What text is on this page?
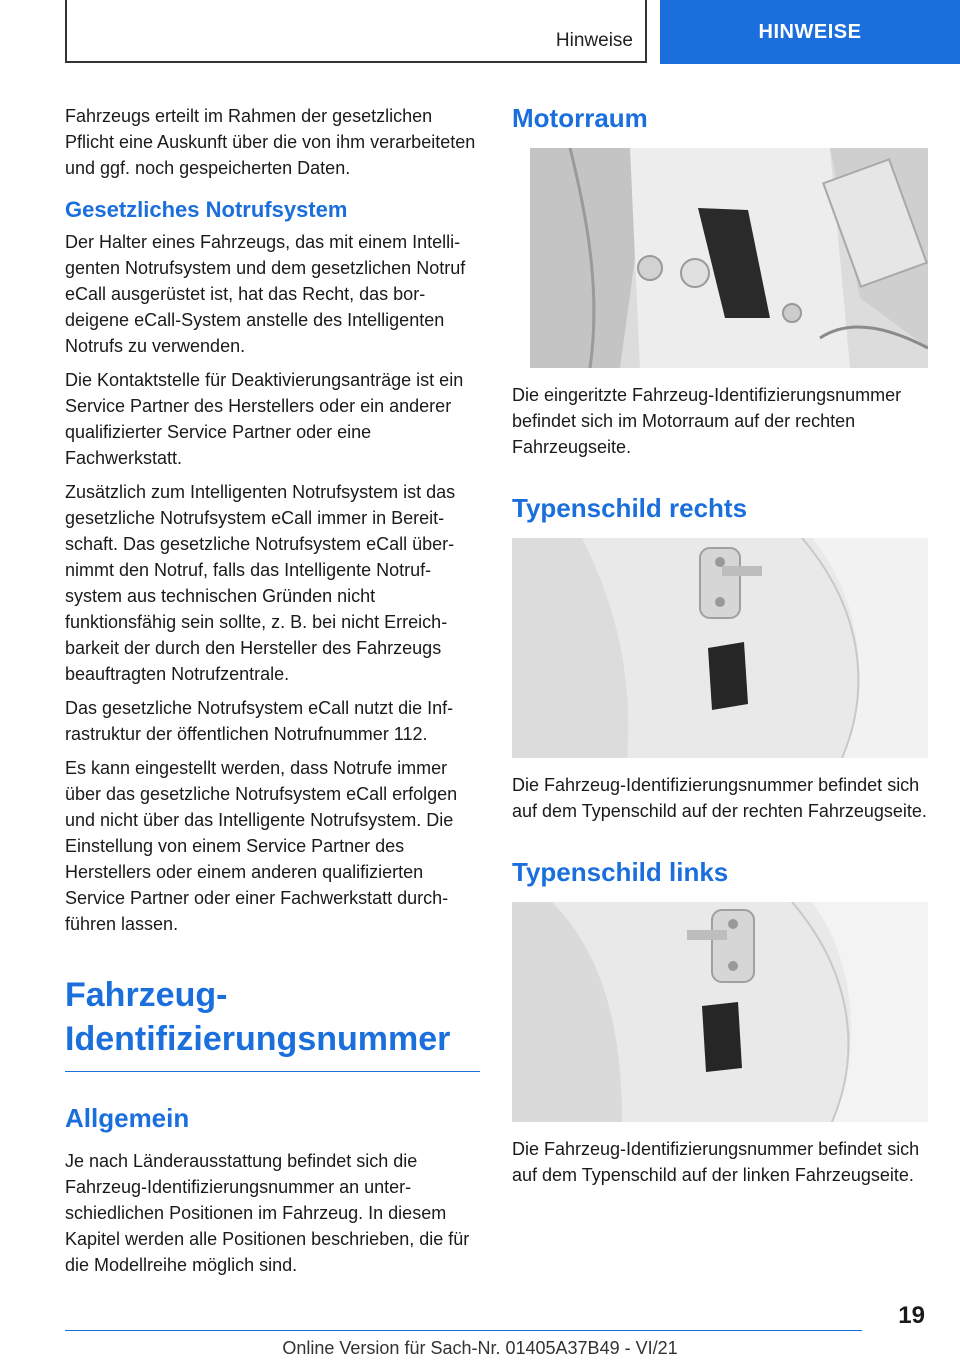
Hinweise	HINWEISE

Fahrzeugs erteilt im Rahmen der gesetzlichen Pflicht eine Auskunft über die von ihm verarbeiteten und ggf. noch gespeicherten Daten.

Gesetzliches Notrufsystem

Der Halter eines Fahrzeugs, das mit einem Intelligenten Notrufsystem und dem gesetzlichen Notruf eCall ausgerüstet ist, hat das Recht, das bordeigene eCall-System anstelle des Intelligenten Notrufs zu verwenden.

Die Kontaktstelle für Deaktivierungsanträge ist ein Service Partner des Herstellers oder ein anderer qualifizierter Service Partner oder eine Fachwerkstatt.

Zusätzlich zum Intelligenten Notrufsystem ist das gesetzliche Notrufsystem eCall immer in Bereitschaft. Das gesetzliche Notrufsystem eCall übernimmt den Notruf, falls das Intelligente Notrufsystem aus technischen Gründen nicht funktionsfähig sein sollte, z. B. bei nicht Erreichbarkeit der durch den Hersteller des Fahrzeugs beauftragten Notrufzentrale.

Das gesetzliche Notrufsystem eCall nutzt die Infrastruktur der öffentlichen Notrufnummer 112.

Es kann eingestellt werden, dass Notrufe immer über das gesetzliche Notrufsystem eCall erfolgen und nicht über das Intelligente Notrufsystem. Die Einstellung von einem Service Partner des Herstellers oder einem anderen qualifizierten Service Partner oder einer Fachwerkstatt durchführen lassen.

Fahrzeug-Identifizierungsnummer
Allgemein

Je nach Länderausstattung befindet sich die Fahrzeug-Identifizierungsnummer an unterschiedlichen Positionen im Fahrzeug. In diesem Kapitel werden alle Positionen beschrieben, die für die Modellreihe möglich sind.

Motorraum
Die eingeritzte Fahrzeug-Identifizierungsnummer befindet sich im Motorraum auf der rechten Fahrzeugseite.
Typenschild rechts
Die Fahrzeug-Identifizierungsnummer befindet sich auf dem Typenschild auf der rechten Fahrzeugseite.
Typenschild links
Die Fahrzeug-Identifizierungsnummer befindet sich auf dem Typenschild auf der linken Fahrzeugseite.
19
Online Version für Sach-Nr. 01405A37B49 - VI/21
